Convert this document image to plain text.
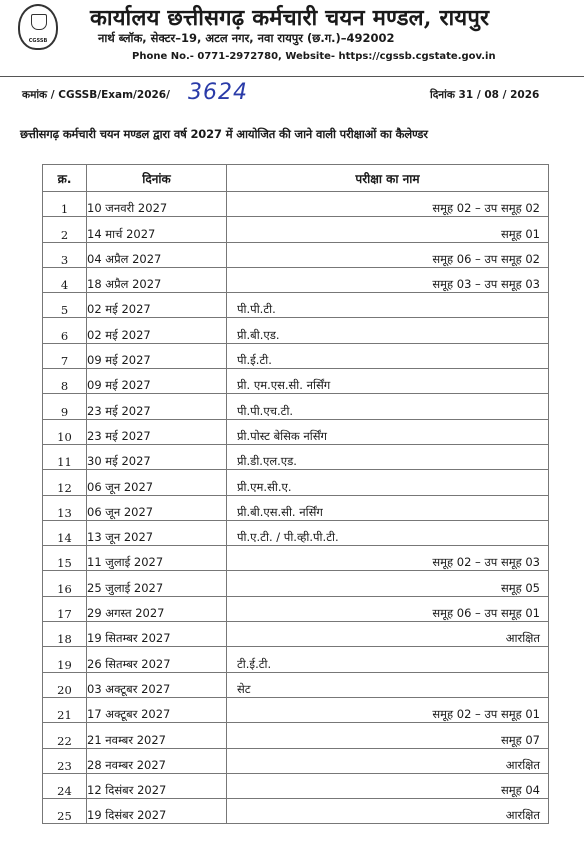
CGSSB
कार्यालय छत्तीसगढ़ कर्मचारी चयन मण्डल, रायपुर
नार्थ ब्लॉक, सेक्टर–19, अटल नगर, नवा रायपुर (छ.ग.)–492002
Phone No.- 0771-2972780, Website- https://cgssb.cgstate.gov.in
कमांक / CGSSB/Exam/2026/ 3624	दिनांक 31 / 08 / 2026
छत्तीसगढ़ कर्मचारी चयन मण्डल द्वारा वर्ष 2027 में आयोजित की जाने वाली परीक्षाओं का कैलेण्डर
क्र.	दिनांक	परीक्षा का नाम
1	10 जनवरी 2027	समूह 02 – उप समूह 02
2	14 मार्च 2027	समूह 01
3	04 अप्रैल 2027	समूह 06 – उप समूह 02
4	18 अप्रैल 2027	समूह 03 – उप समूह 03
5	02 मई 2027	पी.पी.टी.
6	02 मई 2027	प्री.बी.एड.
7	09 मई 2027	पी.ई.टी.
8	09 मई 2027	प्री. एम.एस.सी. नर्सिंग
9	23 मई 2027	पी.पी.एच.टी.
10	23 मई 2027	प्री.पोस्ट बेसिक नर्सिंग
11	30 मई 2027	प्री.डी.एल.एड.
12	06 जून 2027	प्री.एम.सी.ए.
13	06 जून 2027	प्री.बी.एस.सी. नर्सिंग
14	13 जून 2027	पी.ए.टी. / पी.व्ही.पी.टी.
15	11 जुलाई 2027	समूह 02 – उप समूह 03
16	25 जुलाई 2027	समूह 05
17	29 अगस्त 2027	समूह 06 – उप समूह 01
18	19 सितम्बर 2027	आरक्षित
19	26 सितम्बर 2027	टी.ई.टी.
20	03 अक्टूबर 2027	सेट
21	17 अक्टूबर 2027	समूह 02 – उप समूह 01
22	21 नवम्बर 2027	समूह 07
23	28 नवम्बर 2027	आरक्षित
24	12 दिसंबर 2027	समूह 04
25	19 दिसंबर 2027	आरक्षित
